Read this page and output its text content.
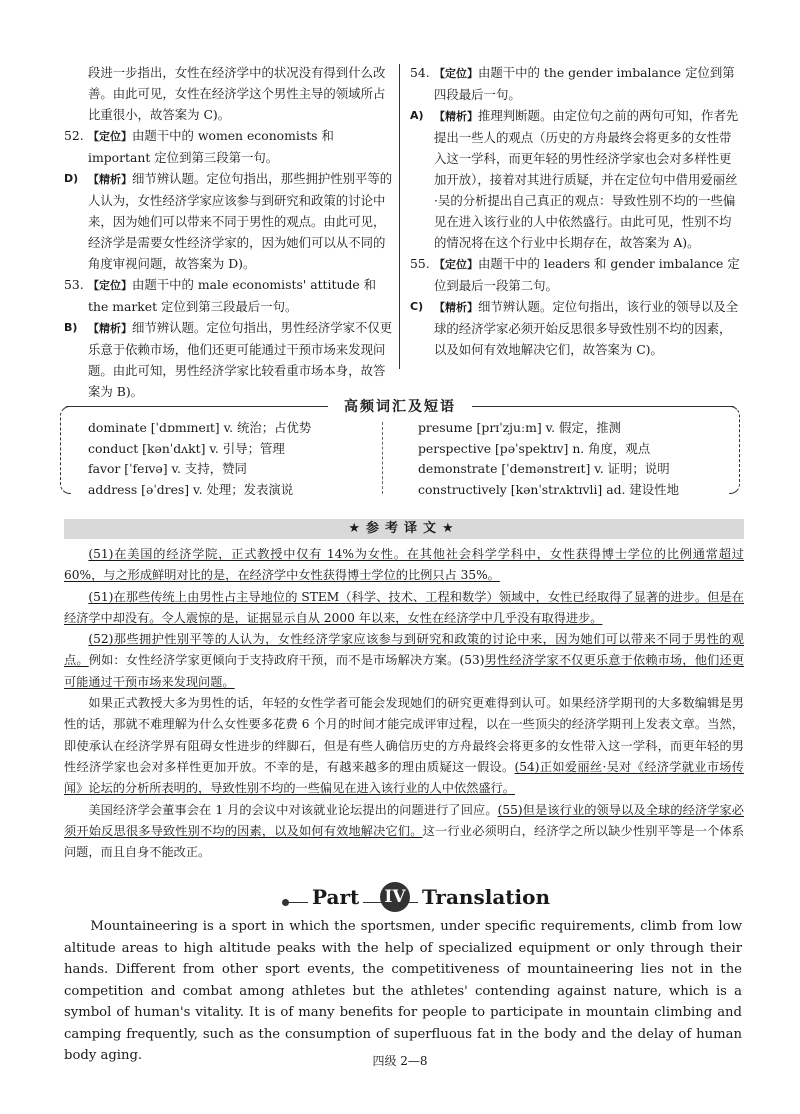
段进一步指出，女性在经济学中的状况没有得到什么改善。由此可见，女性在经济学这个男性主导的领域所占比重很小，故答案为 C)。

52. 【定位】由题干中的 women economists 和 important 定位到第三段第一句。
D) 【精析】细节辨认题。定位句指出，那些拥护性别平等的人认为，女性经济学家应该参与到研究和政策的讨论中来，因为她们可以带来不同于男性的观点。由此可见，经济学是需要女性经济学家的，因为她们可以从不同的角度审视问题，故答案为 D)。
53. 【定位】由题干中的 male economists' attitude 和 the market 定位到第三段最后一句。
B) 【精析】细节辨认题。定位句指出，男性经济学家不仅更乐意于依赖市场，他们还更可能通过干预市场来发现问题。由此可知，男性经济学家比较看重市场本身，故答案为 B)。
54. 【定位】由题干中的 the gender imbalance 定位到第四段最后一句。
A) 【精析】推理判断题。由定位句之前的两句可知，作者先提出一些人的观点（历史的方舟最终会将更多的女性带入这一学科，而更年轻的男性经济学家也会对多样性更加开放），接着对其进行质疑，并在定位句中借用爱丽丝·吴的分析提出自己真正的观点：导致性别不均的一些偏见在进入该行业的人中依然盛行。由此可见，性别不均的情况将在这个行业中长期存在，故答案为 A)。
55. 【定位】由题干中的 leaders 和 gender imbalance 定位到最后一段第二句。
C) 【精析】细节辨认题。定位句指出，该行业的领导以及全球的经济学家必须开始反思很多导致性别不均的因素，以及如何有效地解决它们，故答案为 C)。
高频词汇及短语
dominate [ˈdɒmɪneɪt] v. 统治；占优势
conduct [kənˈdʌkt] v. 引导；管理
favor [ˈfeɪvə] v. 支持，赞同
address [əˈdres] v. 处理；发表演说
presume [prɪˈzjuːm] v. 假定，推测
perspective [pəˈspektɪv] n. 角度，观点
demonstrate [ˈdemənstreɪt] v. 证明；说明
constructively [kənˈstrʌktɪvli] ad. 建设性地
★参考译文★

(51)在美国的经济学院，正式教授中仅有 14%为女性。在其他社会科学学科中，女性获得博士学位的比例通常超过 60%，与之形成鲜明对比的是，在经济学中女性获得博士学位的比例只占 35%。

(51)在那些传统上由男性占主导地位的 STEM（科学、技术、工程和数学）领域中，女性已经取得了显著的进步。但是在经济学中却没有。令人震惊的是，证据显示自从 2000 年以来，女性在经济学中几乎没有取得进步。

(52)那些拥护性别平等的人认为，女性经济学家应该参与到研究和政策的讨论中来，因为她们可以带来不同于男性的观点。例如：女性经济学家更倾向于支持政府干预，而不是市场解决方案。(53)男性经济学家不仅更乐意于依赖市场，他们还更可能通过干预市场来发现问题。

如果正式教授大多为男性的话，年轻的女性学者可能会发现她们的研究更难得到认可。如果经济学期刊的大多数编辑是男性的话，那就不难理解为什么女性要多花费 6 个月的时间才能完成评审过程，以在一些顶尖的经济学期刊上发表文章。当然，即使承认在经济学界有阻碍女性进步的绊脚石，但是有些人确信历史的方舟最终会将更多的女性带入这一学科，而更年轻的男性经济学家也会对多样性更加开放。不幸的是，有越来越多的理由质疑这一假设。(54)正如爱丽丝·吴对《经济学就业市场传闻》论坛的分析所表明的，导致性别不均的一些偏见在进入该行业的人中依然盛行。

美国经济学会董事会在 1 月的会议中对该就业论坛提出的问题进行了回应。(55)但是该行业的领导以及全球的经济学家必须开始反思很多导致性别不均的因素，以及如何有效地解决它们。这一行业必须明白，经济学之所以缺少性别平等是一个体系问题，而且自身不能改正。

Part IV Translation

Mountaineering is a sport in which the sportsmen, under specific requirements, climb from low altitude areas to high altitude peaks with the help of specialized equipment or only through their hands. Different from other sport events, the competitiveness of mountaineering lies not in the competition and combat among athletes but the athletes' contending against nature, which is a symbol of human's vitality. It is of many benefits for people to participate in mountain climbing and camping frequently, such as the consumption of superfluous fat in the body and the delay of human body aging.	四级 2—8
